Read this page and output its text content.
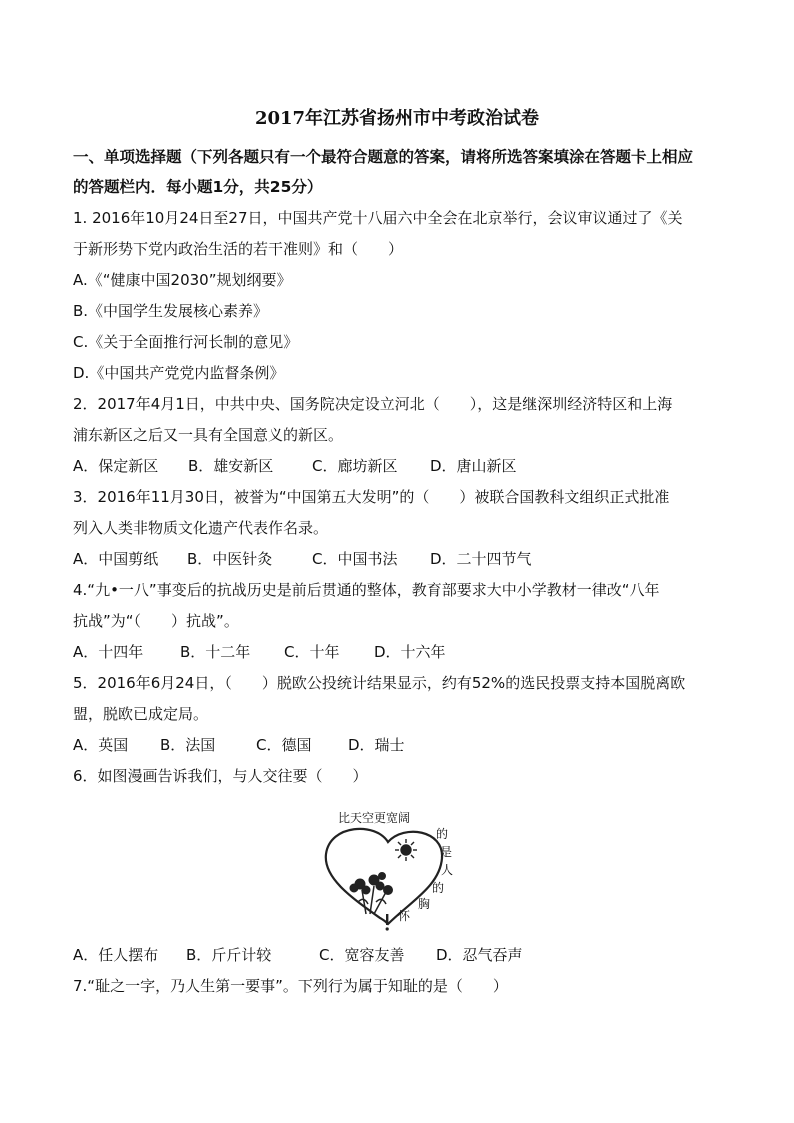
2017年江苏省扬州市中考政治试卷
一、单项选择题（下列各题只有一个最符合题意的答案，请将所选答案填涂在答题卡上相应
的答题栏内．每小题1分，共25分）
1. 2016年10月24日至27日，中国共产党十八届六中全会在北京举行，会议审议通过了《关
于新形势下党内政治生活的若干准则》和（　　）
A.《“健康中国2030”规划纲要》
B.《中国学生发展核心素养》
C.《关于全面推行河长制的意见》
D.《中国共产党党内监督条例》
2．2017年4月1日，中共中央、国务院决定设立河北（　　），这是继深圳经济特区和上海
浦东新区之后又一具有全国意义的新区。
A．保定新区 B．雄安新区	C．廊坊新区 D．唐山新区
3．2016年11月30日，被誉为“中国第五大发明”的（　　）被联合国教科文组织正式批准
列入人类非物质文化遗产代表作名录。
A．中国剪纸 B．中医针灸	C．中国书法 D．二十四节气
4.“九•一八”事变后的抗战历史是前后贯通的整体，教育部要求大中小学教材一律改“八年
抗战”为“（　　）抗战”。
A．十四年 B．十二年 C．十年 D．十六年
5．2016年6月24日，（　　）脱欧公投统计结果显示，约有52%的选民投票支持本国脱离欧
盟，脱欧已成定局。
A．英国 B．法国	C．德国 D．瑞士
6．如图漫画告诉我们，与人交往要（　　）
比天空更宽阔
的
是
人
的
胸
怀
A．任人摆布 B．斤斤计较	C．宽容友善 D．忍气吞声
7.“耻之一字，乃人生第一要事”。下列行为属于知耻的是（　　）
